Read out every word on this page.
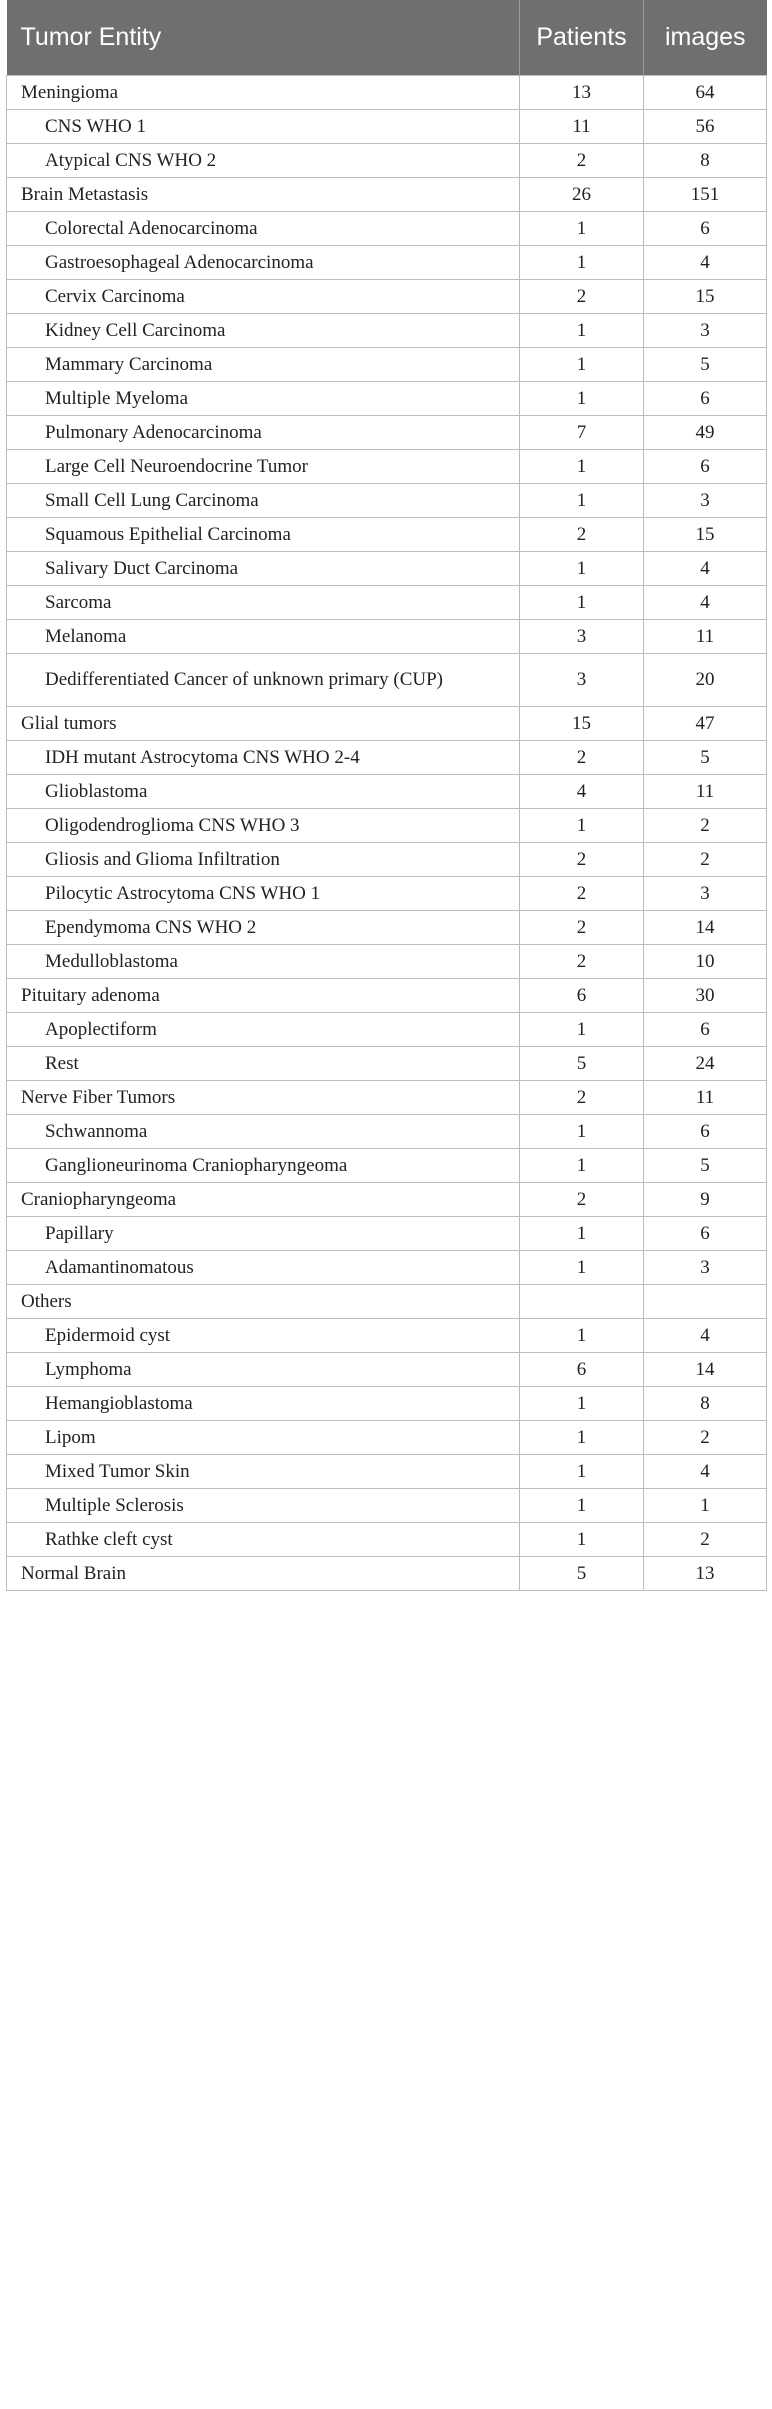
Tumor Entity	Patients	images
Meningioma	13	64
CNS WHO 1	11	56
Atypical CNS WHO 2	2	8
Brain Metastasis	26	151
Colorectal Adenocarcinoma	1	6
Gastroesophageal Adenocarcinoma	1	4
Cervix Carcinoma	2	15
Kidney Cell Carcinoma	1	3
Mammary Carcinoma	1	5
Multiple Myeloma	1	6
Pulmonary Adenocarcinoma	7	49
Large Cell Neuroendocrine Tumor	1	6
Small Cell Lung Carcinoma	1	3
Squamous Epithelial Carcinoma	2	15
Salivary Duct Carcinoma	1	4
Sarcoma	1	4
Melanoma	3	11
Dedifferentiated Cancer of unknown primary (CUP)	3	20
Glial tumors	15	47
IDH mutant Astrocytoma CNS WHO 2-4	2	5
Glioblastoma	4	11
Oligodendroglioma CNS WHO 3	1	2
Gliosis and Glioma Infiltration	2	2
Pilocytic Astrocytoma CNS WHO 1	2	3
Ependymoma CNS WHO 2	2	14
Medulloblastoma	2	10
Pituitary adenoma	6	30
Apoplectiform	1	6
Rest	5	24
Nerve Fiber Tumors	2	11
Schwannoma	1	6
Ganglioneurinoma Craniopharyngeoma	1	5
Craniopharyngeoma	2	9
Papillary	1	6
Adamantinomatous	1	3
Others		
Epidermoid cyst	1	4
Lymphoma	6	14
Hemangioblastoma	1	8
Lipom	1	2
Mixed Tumor Skin	1	4
Multiple Sclerosis	1	1
Rathke cleft cyst	1	2
Normal Brain	5	13
